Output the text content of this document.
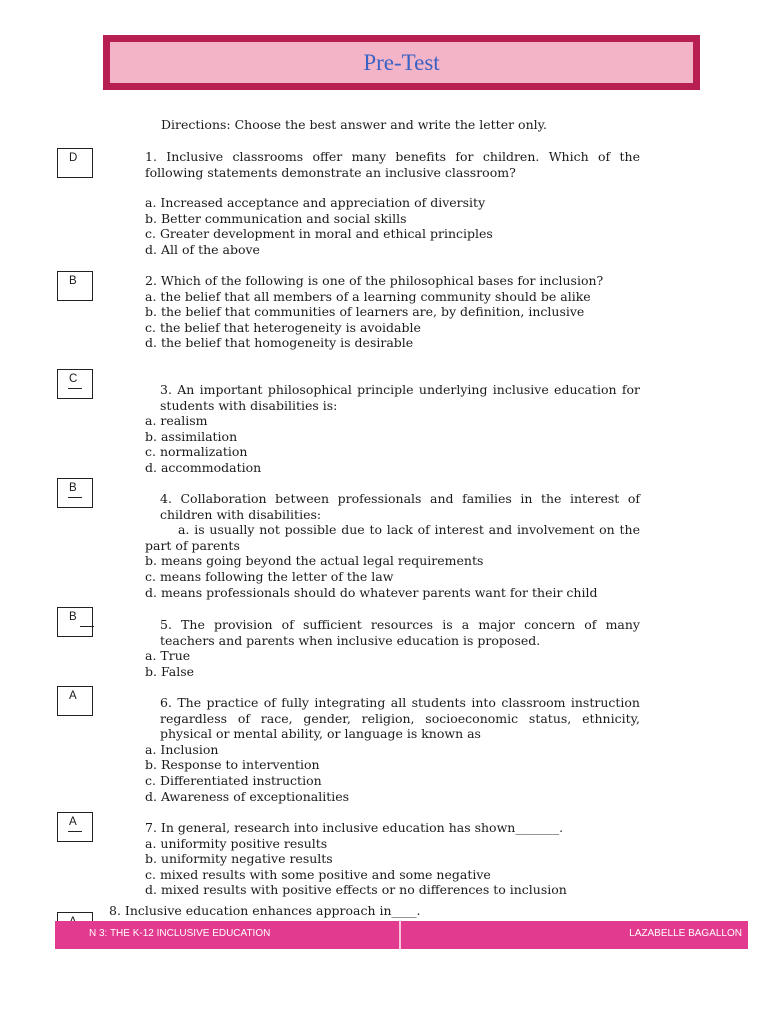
Pre-Test
Directions: Choose the best answer and write the letter only.
D
B
C
B
B
A
A
1. Inclusive classrooms offer many benefits for children. Which of the following statements demonstrate an inclusive classroom?
a. Increased acceptance and appreciation of diversity
b. Better communication and social skills
c. Greater development in moral and ethical principles
d. All of the above
2. Which of the following is one of the philosophical bases for inclusion?
a. the belief that all members of a learning community should be alike
b. the belief that communities of learners are, by definition, inclusive
c. the belief that heterogeneity is avoidable
d. the belief that homogeneity is desirable
3. An important philosophical principle underlying inclusive education for students with disabilities is:
a. realism
b. assimilation
c. normalization
d. accommodation
4. Collaboration between professionals and families in the interest of children with disabilities:
a. is usually not possible due to lack of interest and involvement on the part of parents
b. means going beyond the actual legal requirements
c. means following the letter of the law
d. means professionals should do whatever parents want for their child
5. The provision of sufficient resources is a major concern of many teachers and parents when inclusive education is proposed.
a. True
b. False
6. The practice of fully integrating all students into classroom instruction regardless of race, gender, religion, socioeconomic status, ethnicity, physical or mental ability, or language is known as
a. Inclusion
b. Response to intervention
c. Differentiated instruction
d. Awareness of exceptionalities
7. In general, research into inclusive education has shown_______.
a. uniformity positive results
b. uniformity negative results
c. mixed results with some positive and some negative
d. mixed results with positive effects or no differences to inclusion
8. Inclusive education enhances approach in____.
N 3: THE K-12 INCLUSIVE EDUCATION	LAZABELLE BAGALLON
